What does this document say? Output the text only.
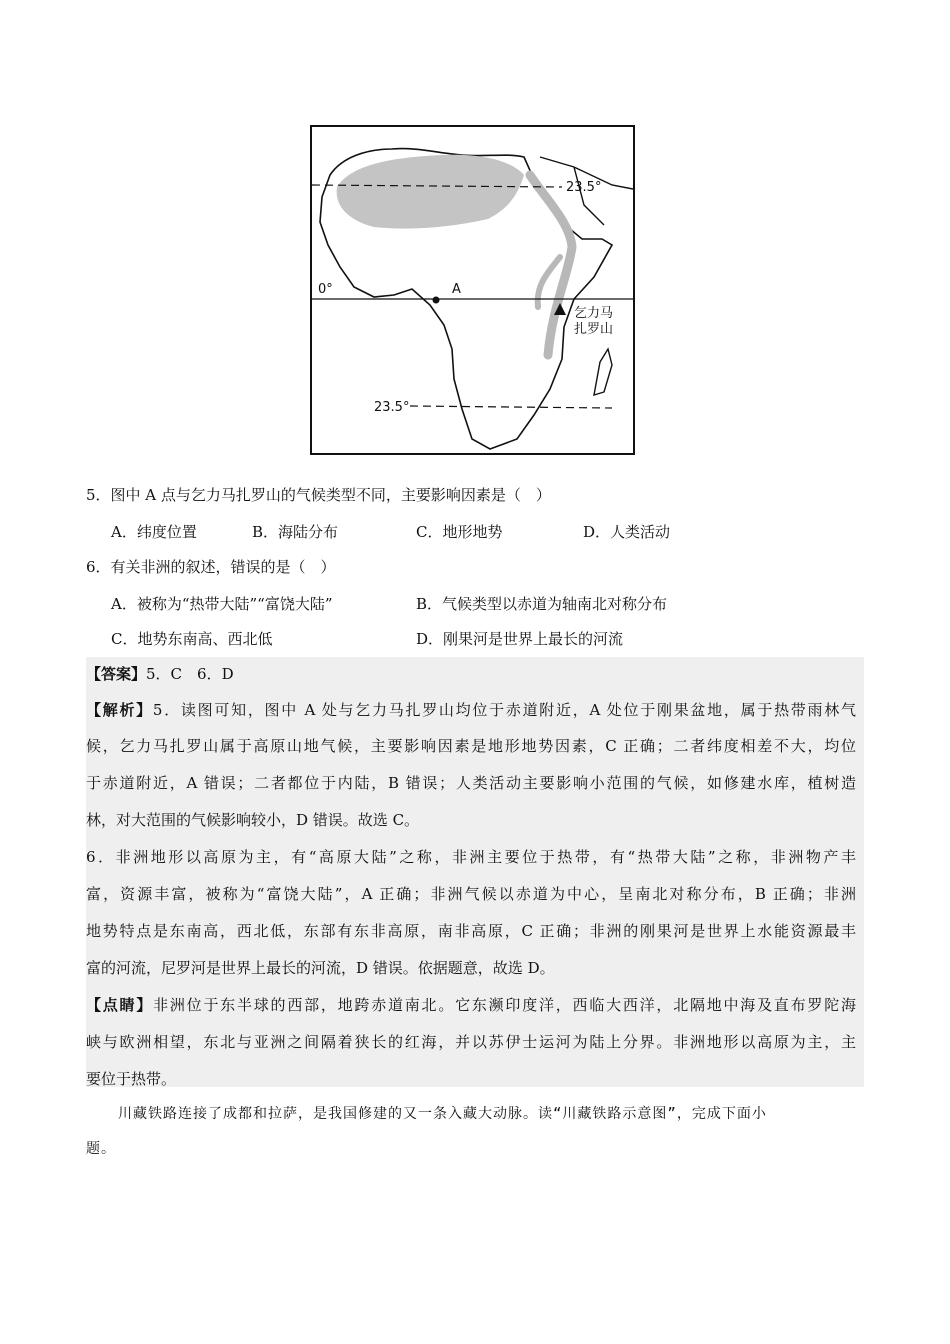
23.5°
0°	A
乞力马
扎罗山
23.5°
5．图中 A 点与乞力马扎罗山的气候类型不同，主要影响因素是（　）
A．纬度位置	B．海陆分布	C．地形地势	D．人类活动
6．有关非洲的叙述，错误的是（　）
A．被称为“热带大陆”“富饶大陆”	B．气候类型以赤道为轴南北对称分布
C．地势东南高、西北低	D．刚果河是世界上最长的河流
【答案】5．C　6．D
【解析】5．读图可知，图中 A 处与乞力马扎罗山均位于赤道附近，A 处位于刚果盆地，属于热带雨林气
候，乞力马扎罗山属于高原山地气候，主要影响因素是地形地势因素，C 正确；二者纬度相差不大，均位
于赤道附近，A 错误；二者都位于内陆，B 错误；人类活动主要影响小范围的气候，如修建水库，植树造
林，对大范围的气候影响较小，D 错误。故选 C。
6．非洲地形以高原为主，有“高原大陆”之称，非洲主要位于热带，有“热带大陆”之称，非洲物产丰
富，资源丰富，被称为“富饶大陆”，A 正确；非洲气候以赤道为中心，呈南北对称分布，B 正确；非洲
地势特点是东南高，西北低，东部有东非高原，南非高原，C 正确；非洲的刚果河是世界上水能资源最丰
富的河流，尼罗河是世界上最长的河流，D 错误。依据题意，故选 D。
【点睛】非洲位于东半球的西部，地跨赤道南北。它东濒印度洋，西临大西洋，北隔地中海及直布罗陀海
峡与欧洲相望，东北与亚洲之间隔着狭长的红海，并以苏伊士运河为陆上分界。非洲地形以高原为主，主
要位于热带。
川藏铁路连接了成都和拉萨，是我国修建的又一条入藏大动脉。读“川藏铁路示意图”，完成下面小
题。
